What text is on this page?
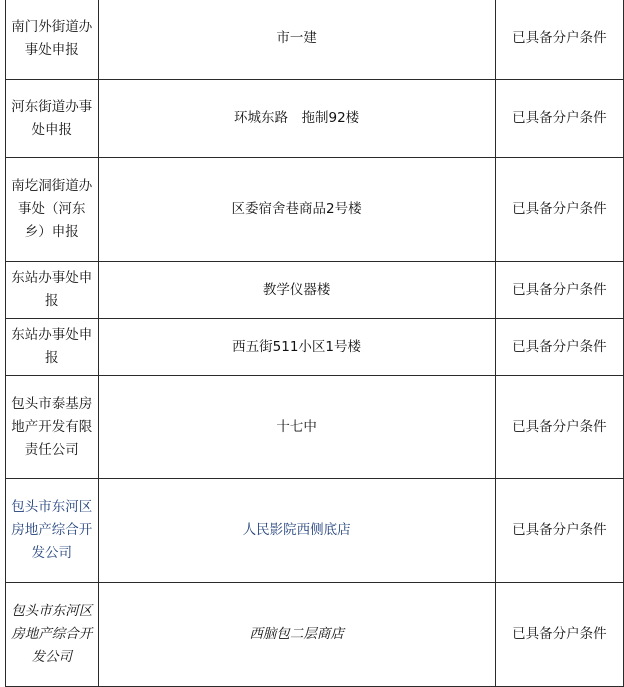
南门外街道办事处申报	市一建	已具备分户条件
河东街道办事处申报	环城东路　拖制92楼	已具备分户条件
南圪洞街道办事处（河东乡）申报	区委宿舍巷商品2号楼	已具备分户条件
东站办事处申报	教学仪器楼	已具备分户条件
东站办事处申报	西五街511小区1号楼	已具备分户条件
包头市泰基房地产开发有限责任公司	十七中	已具备分户条件
包头市东河区房地产综合开发公司	人民影院西侧底店	已具备分户条件
包头市东河区房地产综合开发公司	西脑包二层商店	已具备分户条件
